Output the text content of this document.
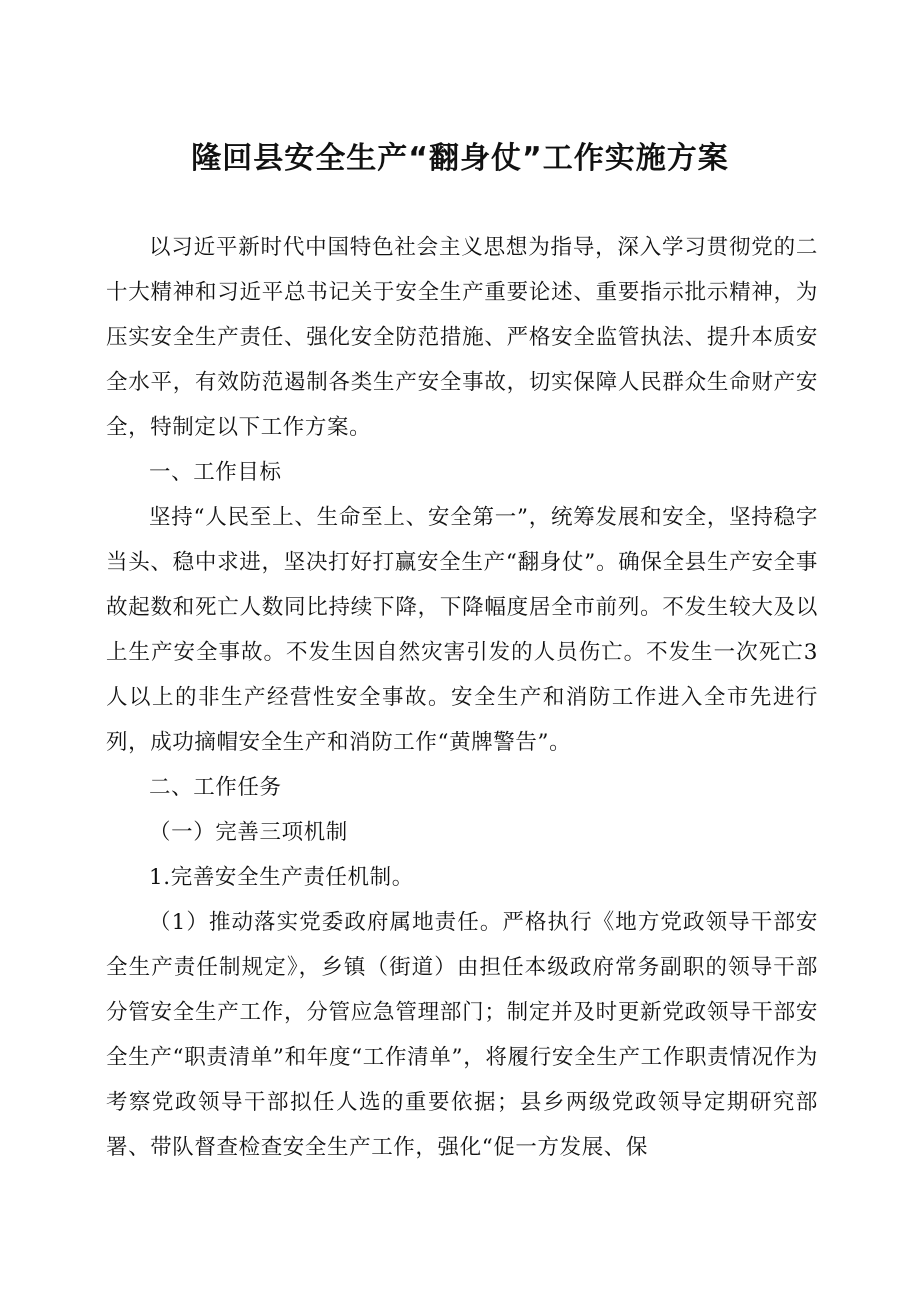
隆回县安全生产“翻身仗”工作实施方案

以习近平新时代中国特色社会主义思想为指导，深入学习贯彻党的二十大精神和习近平总书记关于安全生产重要论述、重要指示批示精神，为压实安全生产责任、强化安全防范措施、严格安全监管执法、提升本质安全水平，有效防范遏制各类生产安全事故，切实保障人民群众生命财产安全，特制定以下工作方案。

一、工作目标

坚持“人民至上、生命至上、安全第一”，统筹发展和安全，坚持稳字当头、稳中求进，坚决打好打赢安全生产“翻身仗”。确保全县生产安全事故起数和死亡人数同比持续下降，下降幅度居全市前列。不发生较大及以上生产安全事故。不发生因自然灾害引发的人员伤亡。不发生一次死亡3人以上的非生产经营性安全事故。安全生产和消防工作进入全市先进行列，成功摘帽安全生产和消防工作“黄牌警告”。

二、工作任务

（一）完善三项机制

1.完善安全生产责任机制。

（1）推动落实党委政府属地责任。严格执行《地方党政领导干部安全生产责任制规定》，乡镇（街道）由担任本级政府常务副职的领导干部分管安全生产工作，分管应急管理部门；制定并及时更新党政领导干部安全生产“职责清单”和年度“工作清单”，将履行安全生产工作职责情况作为考察党政领导干部拟任人选的重要依据；县乡两级党政领导定期研究部署、带队督查检查安全生产工作，强化“促一方发展、保
